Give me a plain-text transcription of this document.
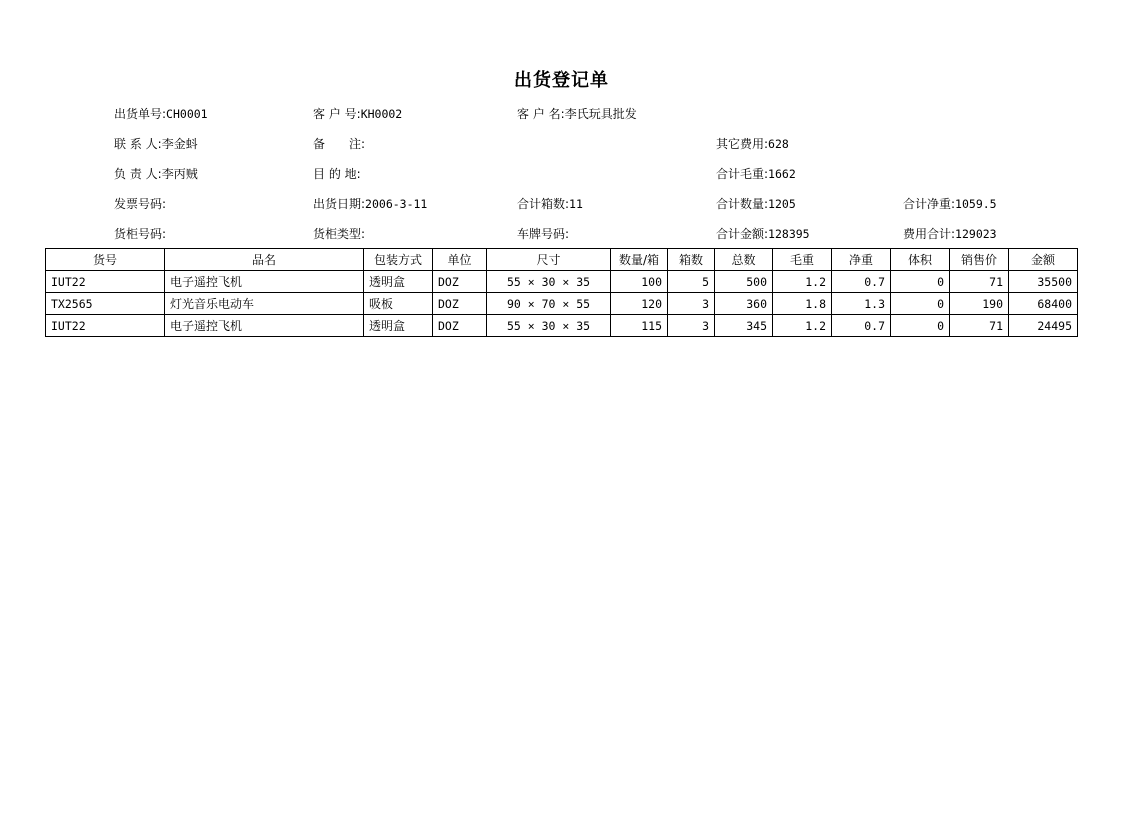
出货登记单
出货单号:CH0001	客 户 号:KH0002	客 户 名:李氏玩具批发
联 系 人:李金蚪	备　　注:	其它费用:628
负 责 人:李丙贼	目 的 地:	合计毛重:1662
发票号码:	出货日期:2006-3-11	合计箱数:11	合计数量:1205	合计净重:1059.5
货柜号码:	货柜类型:	车牌号码:	合计金额:128395	费用合计:129023
货号	品名	包装方式	单位	尺寸	数量/箱	箱数	总数	毛重	净重	体积	销售价	金额
IUT22	电子遥控飞机	透明盒	DOZ	55 × 30 × 35	100	5	500	1.2	0.7	0	71	35500
TX2565	灯光音乐电动车	吸板	DOZ	90 × 70 × 55	120	3	360	1.8	1.3	0	190	68400
IUT22	电子遥控飞机	透明盒	DOZ	55 × 30 × 35	115	3	345	1.2	0.7	0	71	24495
